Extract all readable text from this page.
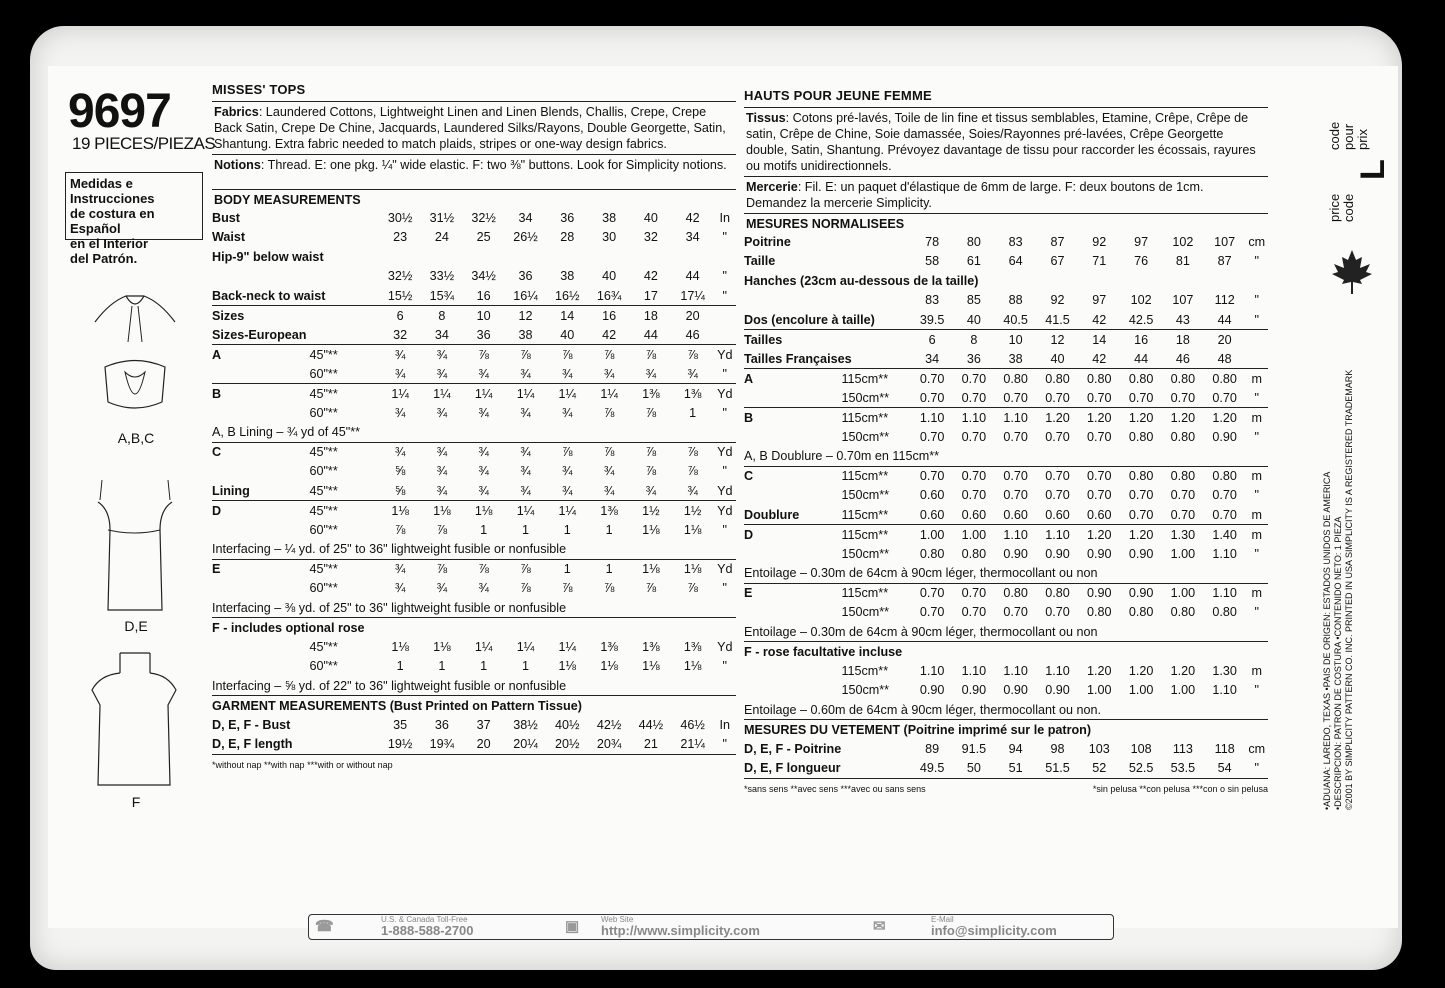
9697
19 PIECES/PIEZAS
Medidas e Instrucciones
de costura en Español
en el Interior
del Patrón.
A,B,C
D,E
F
MISSES' TOPS
Fabrics: Laundered Cottons, Lightweight Linen and Linen Blends, Challis, Crepe, Crepe Back Satin, Crepe De Chine, Jacquards, Laundered Silks/Rayons, Double Georgette, Satin, Shantung. Extra fabric needed to match plaids, stripes or one-way design fabrics.
Notions: Thread. E: one pkg. ¼" wide elastic. F: two ⅜" buttons. Look for Simplicity notions.
BODY MEASUREMENTS
Bust		30½	31½	32½	34	36	38	40	42	In
Waist		23	24	25	26½	28	30	32	34	"
Hip-9" below waist										
		32½	33½	34½	36	38	40	42	44	"
Back-neck to waist		15½	15¾	16	16¼	16½	16¾	17	17¼	"
Sizes		6	8	10	12	14	16	18	20	
Sizes-European		32	34	36	38	40	42	44	46	
A	45"**	¾	¾	⅞	⅞	⅞	⅞	⅞	⅞	Yd
	60"**	¾	¾	¾	¾	¾	¾	¾	¾	"
B	45"**	1¼	1¼	1¼	1¼	1¼	1¼	1⅜	1⅜	Yd
	60"**	¾	¾	¾	¾	¾	⅞	⅞	1	"
A, B Lining – ¾ yd of 45"**										
C	45"**	¾	¾	¾	¾	⅞	⅞	⅞	⅞	Yd
	60"**	⅝	¾	¾	¾	¾	¾	⅞	⅞	"
Lining	45"**	⅝	¾	¾	¾	¾	¾	¾	¾	Yd
D	45"**	1⅛	1⅛	1⅛	1¼	1¼	1⅜	1½	1½	Yd
	60"**	⅞	⅞	1	1	1	1	1⅛	1⅛	"
Interfacing – ¼ yd. of 25" to 36" lightweight fusible or nonfusible										
E	45"**	¾	⅞	⅞	⅞	1	1	1⅛	1⅛	Yd
	60"**	¾	¾	¾	⅞	⅞	⅞	⅞	⅞	"
Interfacing – ⅜ yd. of 25" to 36" lightweight fusible or nonfusible										
F - includes optional rose										
	45"**	1⅛	1⅛	1¼	1¼	1¼	1⅜	1⅜	1⅜	Yd
	60"**	1	1	1	1	1⅛	1⅛	1⅛	1⅛	"
Interfacing – ⅝ yd. of 22" to 36" lightweight fusible or nonfusible										
GARMENT MEASUREMENTS (Bust Printed on Pattern Tissue)										
D, E, F - Bust		35	36	37	38½	40½	42½	44½	46½	In
D, E, F length		19½	19¾	20	20¼	20½	20¾	21	21¼	"
*without nap **with nap ***with or without nap
HAUTS POUR JEUNE FEMME
Tissus: Cotons pré-lavés, Toile de lin fine et tissus semblables, Etamine, Crêpe, Crêpe de satin, Crêpe de Chine, Soie damassée, Soies/Rayonnes pré-lavées, Crêpe Georgette double, Satin, Shantung. Prévoyez davantage de tissu pour raccorder les écossais, rayures ou motifs unidirectionnels.
Mercerie: Fil. E: un paquet d'élastique de 6mm de large. F: deux boutons de 1cm. Demandez la mercerie Simplicity.
MESURES NORMALISEES
Poitrine		78	80	83	87	92	97	102	107	cm
Taille		58	61	64	67	71	76	81	87	"
Hanches (23cm au-dessous de la taille)										
		83	85	88	92	97	102	107	112	"
Dos (encolure à taille)		39.5	40	40.5	41.5	42	42.5	43	44	"
Tailles		6	8	10	12	14	16	18	20	
Tailles Françaises		34	36	38	40	42	44	46	48	
A	115cm**	0.70	0.70	0.80	0.80	0.80	0.80	0.80	0.80	m
	150cm**	0.70	0.70	0.70	0.70	0.70	0.70	0.70	0.70	"
B	115cm**	1.10	1.10	1.10	1.20	1.20	1.20	1.20	1.20	m
	150cm**	0.70	0.70	0.70	0.70	0.70	0.80	0.80	0.90	"
A, B Doublure – 0.70m en 115cm**										
C	115cm**	0.70	0.70	0.70	0.70	0.70	0.80	0.80	0.80	m
	150cm**	0.60	0.70	0.70	0.70	0.70	0.70	0.70	0.70	"
Doublure	115cm**	0.60	0.60	0.60	0.60	0.60	0.70	0.70	0.70	m
D	115cm**	1.00	1.00	1.10	1.10	1.20	1.20	1.30	1.40	m
	150cm**	0.80	0.80	0.90	0.90	0.90	0.90	1.00	1.10	"
Entoilage – 0.30m de 64cm à 90cm léger, thermocollant ou non										
E	115cm**	0.70	0.70	0.80	0.80	0.90	0.90	1.00	1.10	m
	150cm**	0.70	0.70	0.70	0.70	0.80	0.80	0.80	0.80	"
Entoilage – 0.30m de 64cm à 90cm léger, thermocollant ou non										
F - rose facultative incluse										
	115cm**	1.10	1.10	1.10	1.10	1.20	1.20	1.20	1.30	m
	150cm**	0.90	0.90	0.90	0.90	1.00	1.00	1.00	1.10	"
Entoilage – 0.60m de 64cm à 90cm léger, thermocollant ou non.										
MESURES DU VETEMENT (Poitrine imprimé sur le patron)										
D, E, F - Poitrine		89	91.5	94	98	103	108	113	118	cm
D, E, F longueur		49.5	50	51	51.5	52	52.5	53.5	54	"
*sans sens **avec sens ***avec ou sans sens	*sin pelusa **con pelusa ***con o sin pelusa
code pour prix
L
price code
•ADUANA: LAREDO, TEXAS •PAIS DE ORIGEN: ESTADOS UNIDOS DE AMERICA •DESCRIPCION: PATRON DE COSTURA •CONTENIDO NETO: 1 PIEZA ©2001 BY SIMPLICITY PATTERN CO. INC. PRINTED IN USA SIMPLICITY IS A REGISTERED TRADEMARK
☎	U.S. & Canada Toll-Free
1-888-588-2700	▣	Web Site
http://www.simplicity.com	✉	E-Mail
info@simplicity.com
